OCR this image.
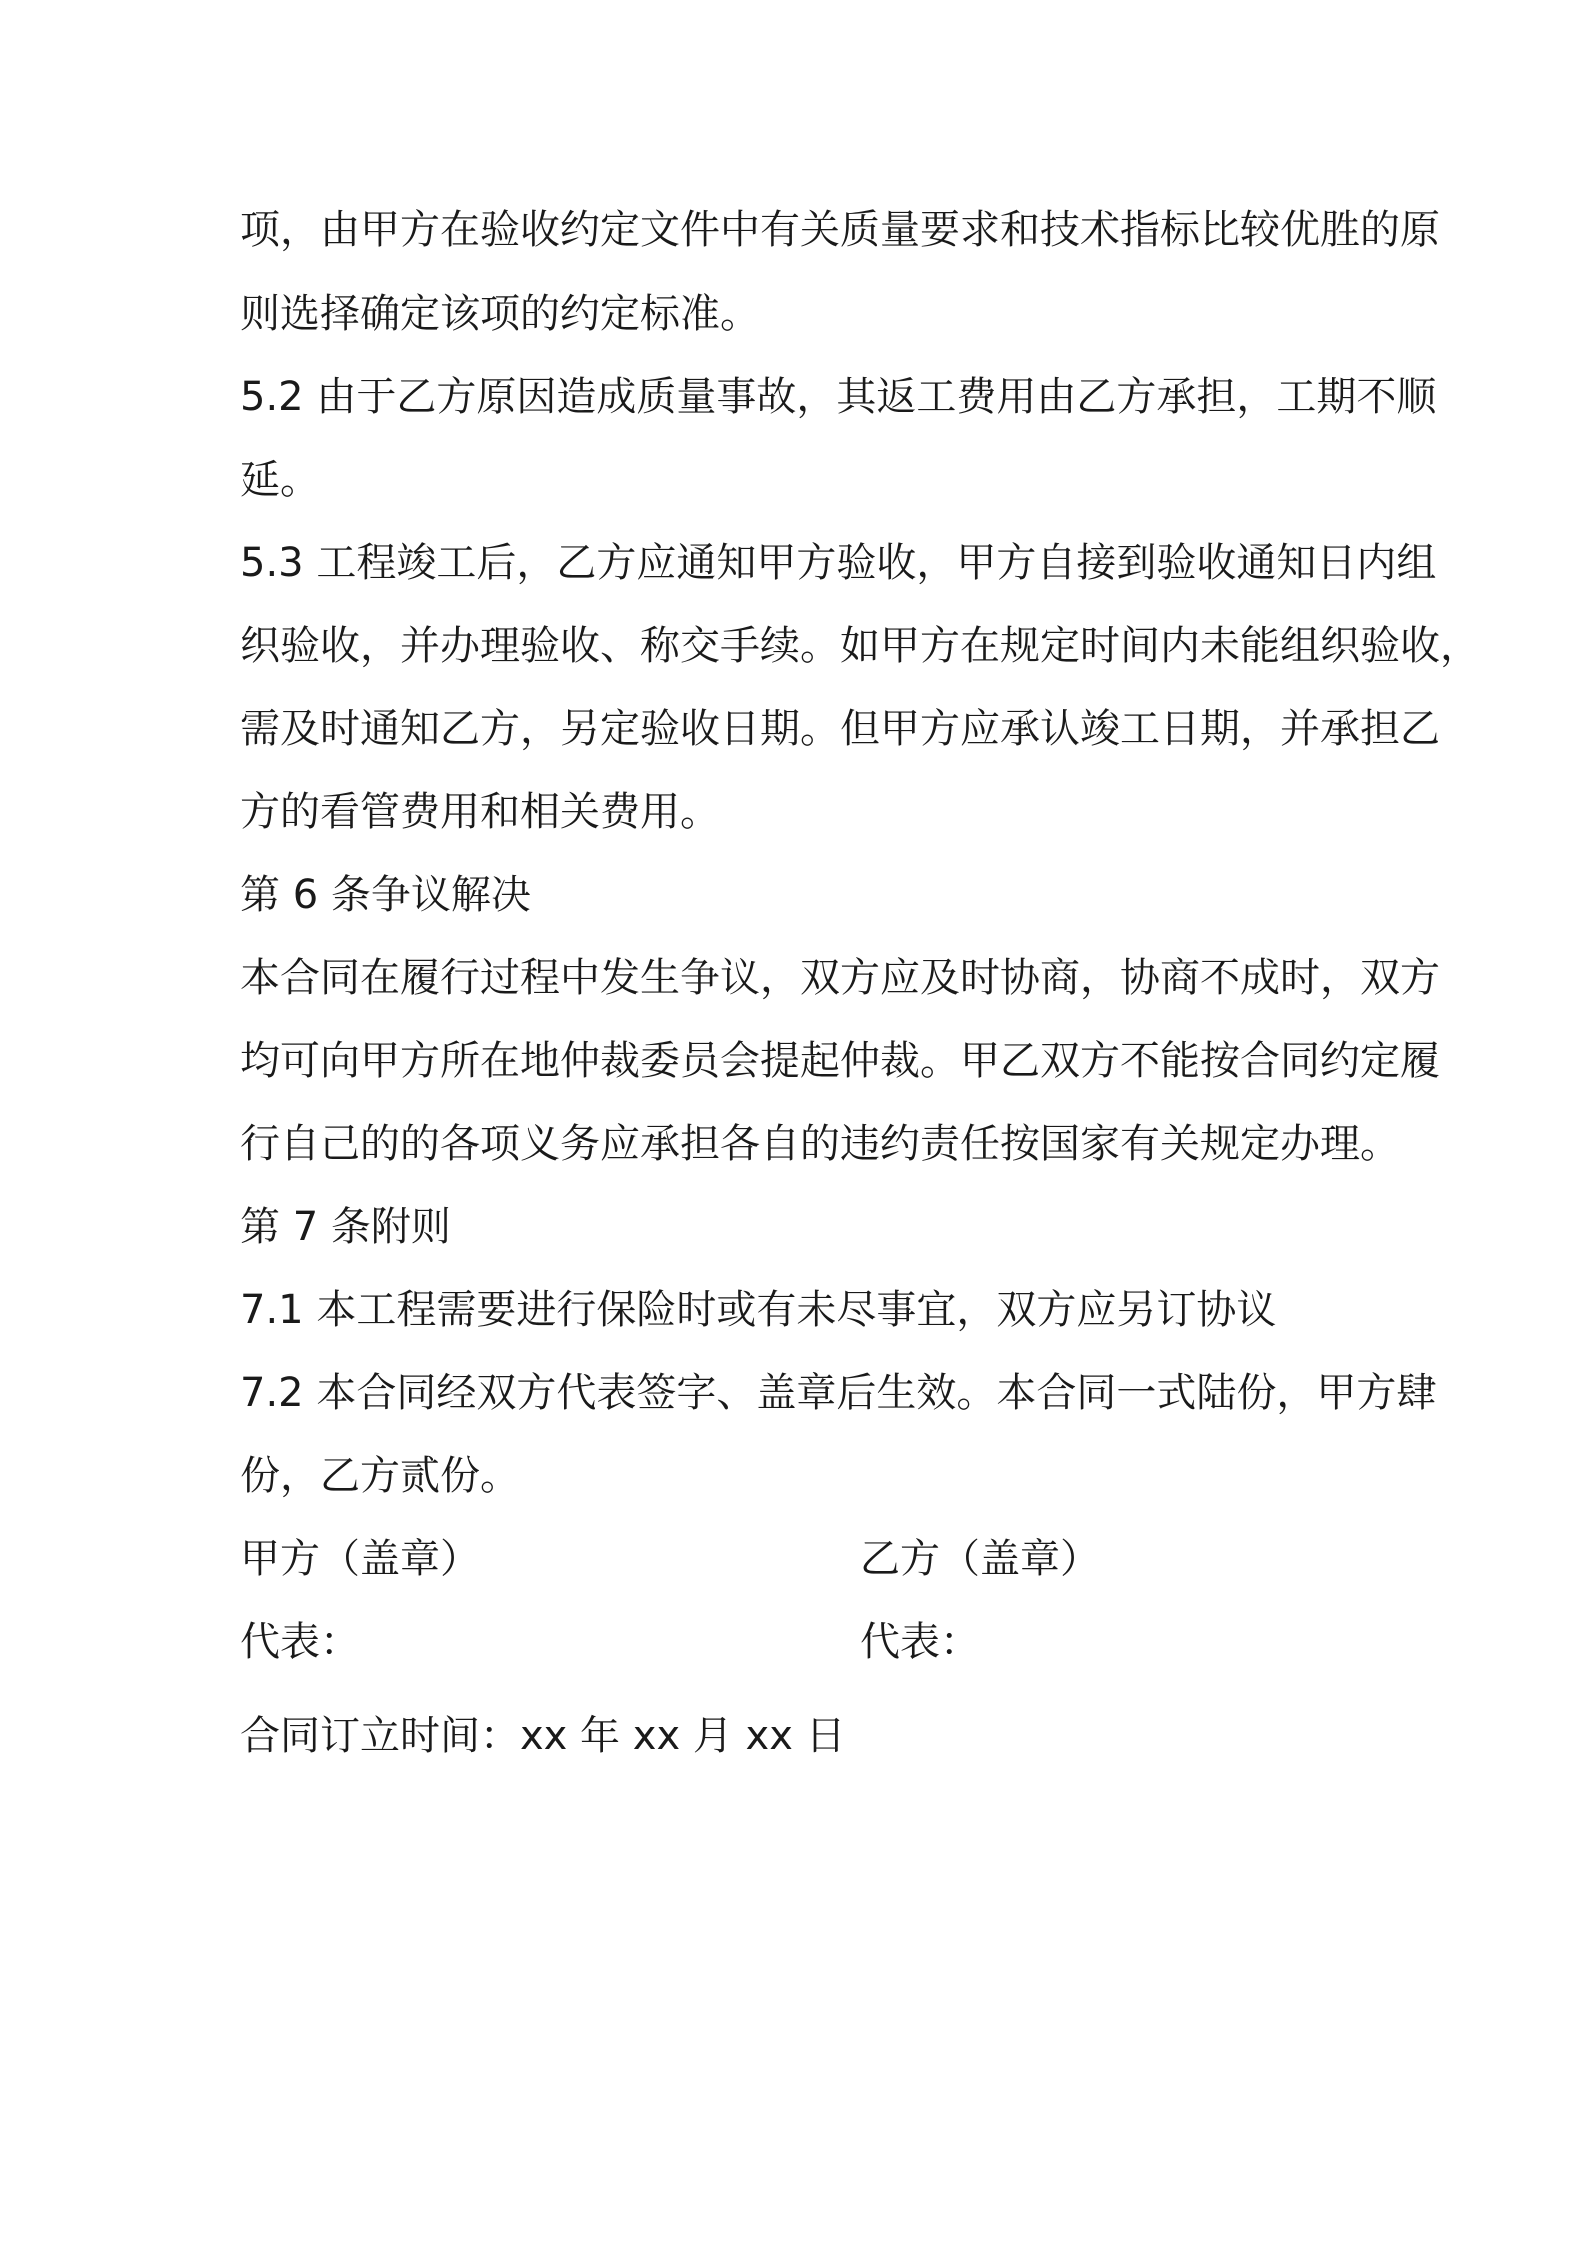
项，由甲方在验收约定文件中有关质量要求和技术指标比较优胜的原
则选择确定该项的约定标准。
5.2 由于乙方原因造成质量事故，其返工费用由乙方承担，工期不顺
延。
5.3 工程竣工后，乙方应通知甲方验收，甲方自接到验收通知日内组
织验收，并办理验收、称交手续。如甲方在规定时间内未能组织验收，
需及时通知乙方，另定验收日期。但甲方应承认竣工日期，并承担乙
方的看管费用和相关费用。
第 6 条争议解决
本合同在履行过程中发生争议，双方应及时协商，协商不成时，双方
均可向甲方所在地仲裁委员会提起仲裁。甲乙双方不能按合同约定履
行自己的的各项义务应承担各自的违约责任按国家有关规定办理。
第 7 条附则
7.1 本工程需要进行保险时或有未尽事宜，双方应另订协议
7.2 本合同经双方代表签字、盖章后生效。本合同一式陆份，甲方肆
份，乙方贰份。
甲方（盖章）	乙方（盖章）
代表：	代表：
合同订立时间：xx 年 xx 月 xx 日
